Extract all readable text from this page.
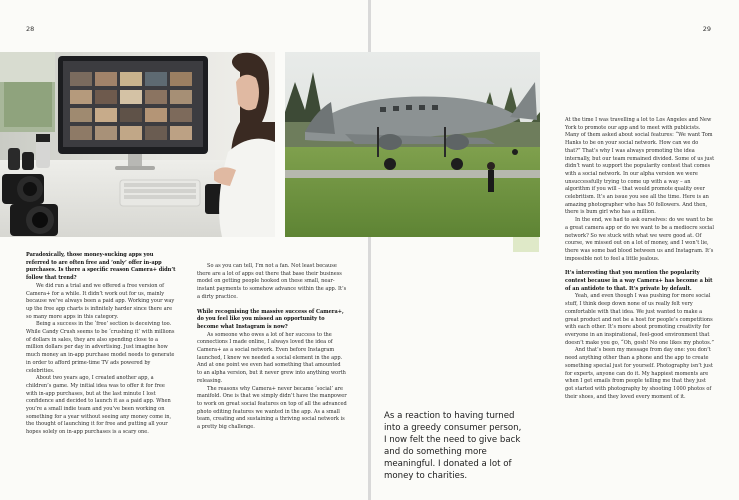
28

Paradoxically, those money-sucking apps you referred to are often free and ‘only’ offer in-app purchases. Is there a specific reason Camera+ didn’t follow that trend?

We did run a trial and we offered a free version of Camera+ for a while. It didn’t work out for us, mainly because we’ve always been a paid app. Working your way up the free app charts is infinitely harder since there are so many more apps in this category.

Being a success in the ‘free’ section is deceiving too. While Candy Crush seems to be ‘crushing it’ with millions of dollars in sales, they are also spending close to a million dollars per day in advertising. Just imagine how much money an in-app purchase model needs to generate in order to afford prime-time TV ads powered by celebrities.

About two years ago, I created another app, a children’s game. My initial idea was to offer it for free with in-app purchases, but at the last minute I lost confidence and decided to launch it as a paid app. When you’re a small indie team and you’ve been working on something for a year without seeing any money come in, the thought of launching it for free and putting all your hopes solely on in-app purchases is a scary one.

So as you can tell, I’m not a fan. Not least because there are a lot of apps out there that base their business model on getting people hooked on these small, near-instant payments to somehow advance within the app. It’s a dirty practice.

While recognising the massive success of Camera+, do you feel like you missed an opportunity to become what Instagram is now?

As someone who owes a lot of her success to the connections I made online, I always loved the idea of Camera+ as a social network. Even before Instagram launched, I knew we needed a social element in the app. And at one point we even had something that amounted to an alpha version, but it never grew into anything worth releasing.

The reasons why Camera+ never became ‘social’ are manifold. One is that we simply didn’t have the manpower to work on great social features on top of all the advanced photo editing features we wanted in the app. As a small team, creating and sustaining a thriving social network is a pretty big challenge.

29

At the time I was travelling a lot to Los Angeles and New York to promote our app and to meet with publicists. Many of them asked about social features: “We want Tom Hanks to be on your social network. How can we do that?” That’s why I was always promoting the idea internally, but our team remained divided. Some of us just didn’t want to support the popularity contest that comes with a social network. In our alpha version we were unsuccessfully trying to come up with a way – an algorithm if you will – that would promote quality over celebritism. It’s an issue you see all the time. Here is an amazing photographer who has 50 followers. And then, there is bum girl who has a million.

In the end, we had to ask ourselves: do we want to be a great camera app or do we want to be a mediocre social network? So we stuck with what we were good at. Of course, we missed out on a lot of money, and I won’t lie, there was some bad blood between us and Instagram. It’s impossible not to feel a little jealous.

It’s interesting that you mention the popularity contest because in a way Camera+ has become a bit of an antidote to that. It’s private by default.

Yeah, and even though I was pushing for more social stuff, I think deep down none of us really felt very comfortable with that idea. We just wanted to make a great product and not be a host for people’s competitions with each other. It’s more about promoting creativity for everyone in an inspirational, feel-good environment that doesn’t make you go, “Oh, gosh! No one likes my photos.”

And that’s been my message from day one: you don’t need anything other than a phone and the app to create something special just for yourself. Photography isn’t just for experts, anyone can do it. My happiest moments are when I get emails from people telling me that they just got started with photography by shooting 1000 photos of their shoes, and they loved every moment of it.

As a reaction to having turned into a greedy consumer person, I now felt the need to give back and do something more meaningful. I donated a lot of money to charities.
